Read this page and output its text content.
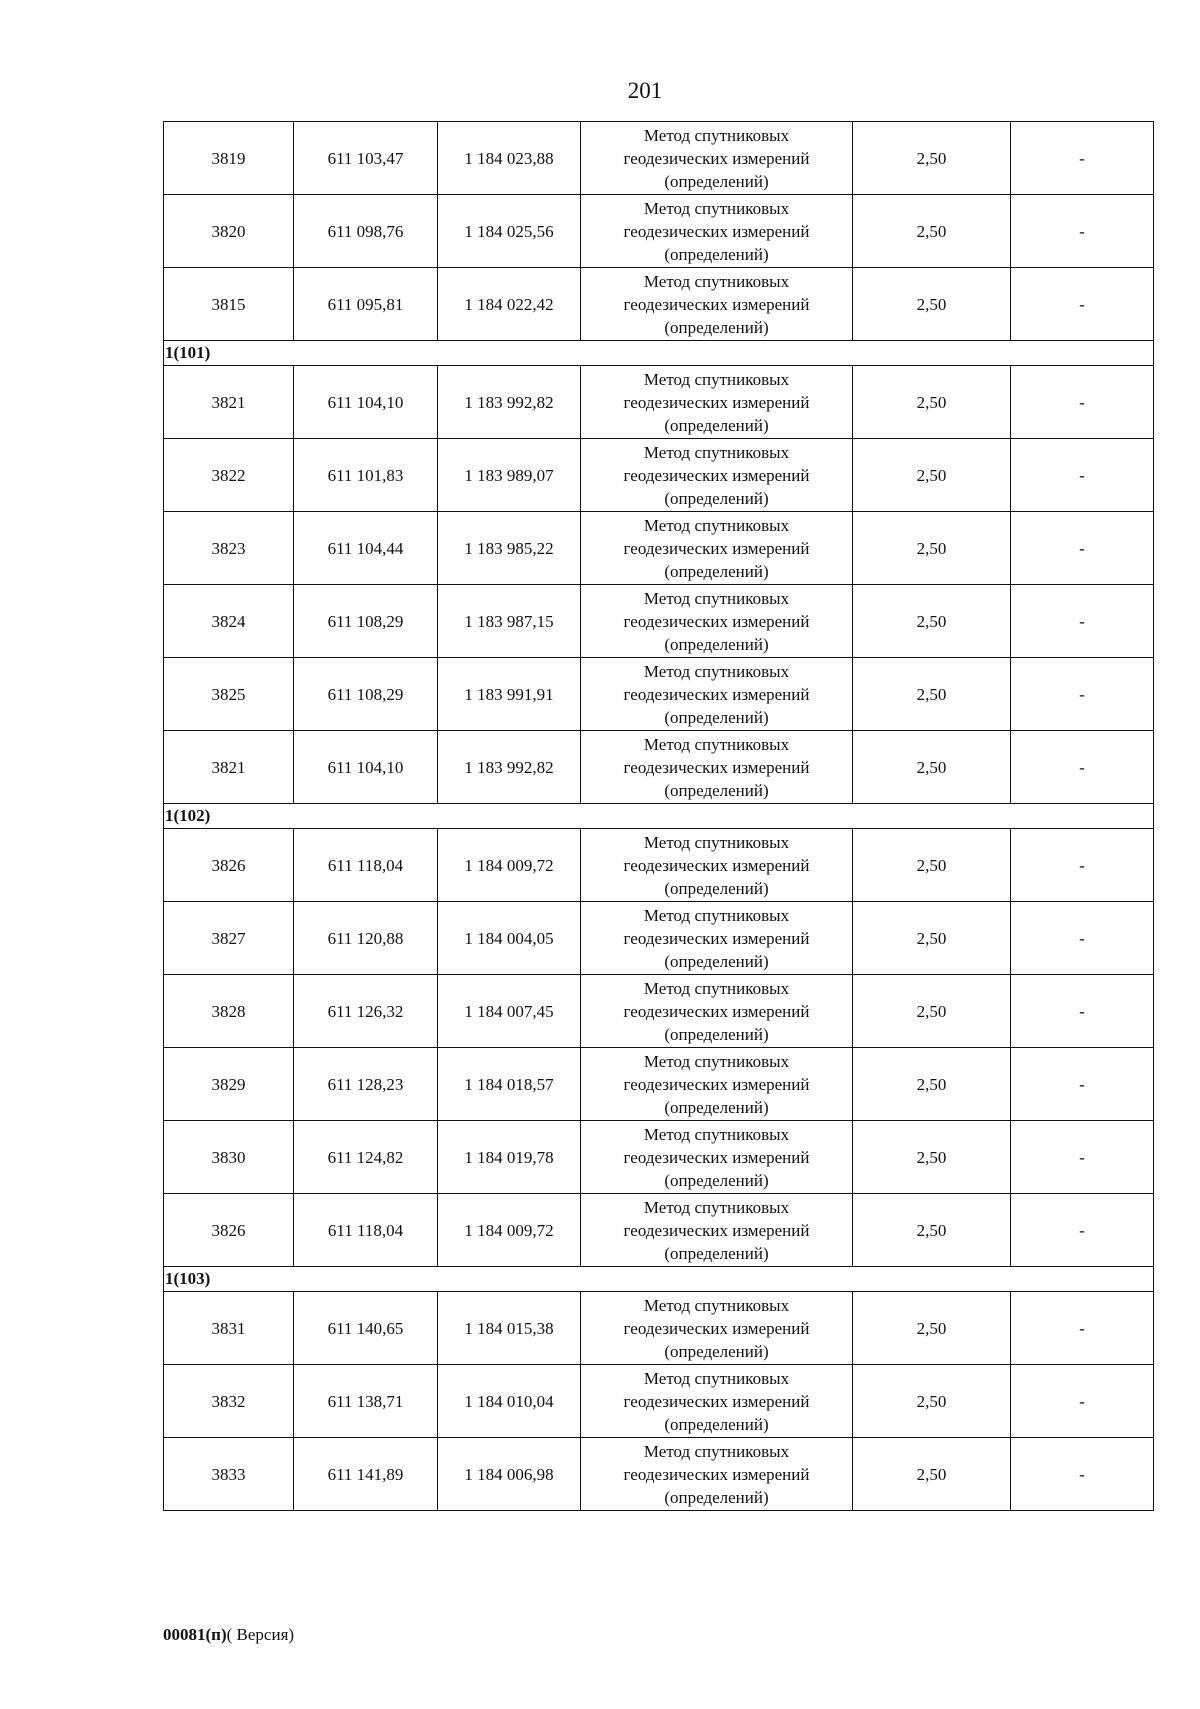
201
3819	611 103,47	1 184 023,88	Метод спутниковых
геодезических измерений
(определений)	2,50	-
3820	611 098,76	1 184 025,56	Метод спутниковых
геодезических измерений
(определений)	2,50	-
3815	611 095,81	1 184 022,42	Метод спутниковых
геодезических измерений
(определений)	2,50	-
1(101)					
3821	611 104,10	1 183 992,82	Метод спутниковых
геодезических измерений
(определений)	2,50	-
3822	611 101,83	1 183 989,07	Метод спутниковых
геодезических измерений
(определений)	2,50	-
3823	611 104,44	1 183 985,22	Метод спутниковых
геодезических измерений
(определений)	2,50	-
3824	611 108,29	1 183 987,15	Метод спутниковых
геодезических измерений
(определений)	2,50	-
3825	611 108,29	1 183 991,91	Метод спутниковых
геодезических измерений
(определений)	2,50	-
3821	611 104,10	1 183 992,82	Метод спутниковых
геодезических измерений
(определений)	2,50	-
1(102)					
3826	611 118,04	1 184 009,72	Метод спутниковых
геодезических измерений
(определений)	2,50	-
3827	611 120,88	1 184 004,05	Метод спутниковых
геодезических измерений
(определений)	2,50	-
3828	611 126,32	1 184 007,45	Метод спутниковых
геодезических измерений
(определений)	2,50	-
3829	611 128,23	1 184 018,57	Метод спутниковых
геодезических измерений
(определений)	2,50	-
3830	611 124,82	1 184 019,78	Метод спутниковых
геодезических измерений
(определений)	2,50	-
3826	611 118,04	1 184 009,72	Метод спутниковых
геодезических измерений
(определений)	2,50	-
1(103)					
3831	611 140,65	1 184 015,38	Метод спутниковых
геодезических измерений
(определений)	2,50	-
3832	611 138,71	1 184 010,04	Метод спутниковых
геодезических измерений
(определений)	2,50	-
3833	611 141,89	1 184 006,98	Метод спутниковых
геодезических измерений
(определений)	2,50	-
00081(п)( Версия)
